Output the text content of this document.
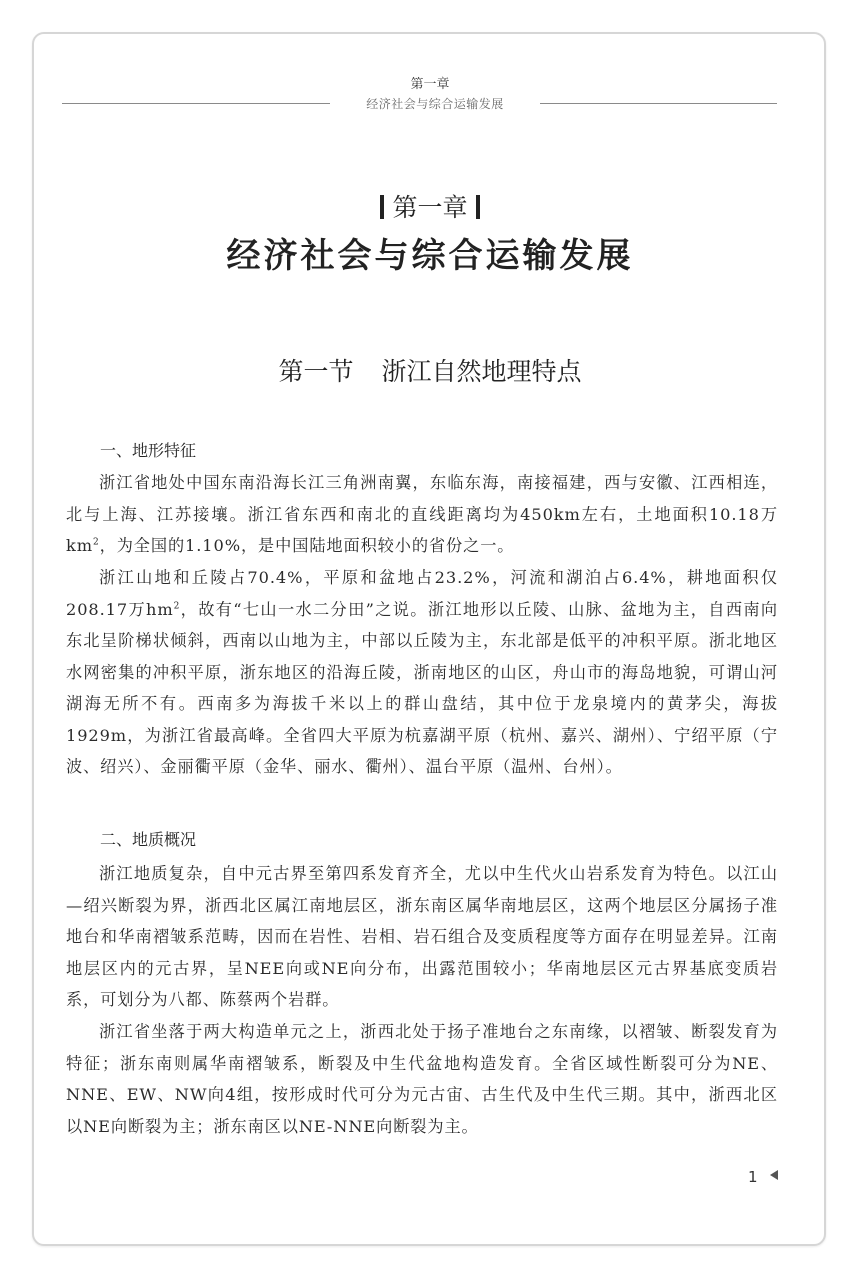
第一章
经济社会与综合运输发展
第一章
经济社会与综合运输发展
第一节 浙江自然地理特点
一、地形特征

浙江省地处中国东南沿海长江三角洲南翼，东临东海，南接福建，西与安徽、江西相连，北与上海、江苏接壤。浙江省东西和南北的直线距离均为450km左右，土地面积10.18万$km^2$，为全国的1.10%，是中国陆地面积较小的省份之一。

浙江山地和丘陵占70.4%，平原和盆地占23.2%，河流和湖泊占6.4%，耕地面积仅208.17万$hm^2$，故有“七山一水二分田”之说。浙江地形以丘陵、山脉、盆地为主，自西南向东北呈阶梯状倾斜，西南以山地为主，中部以丘陵为主，东北部是低平的冲积平原。浙北地区水网密集的冲积平原，浙东地区的沿海丘陵，浙南地区的山区，舟山市的海岛地貌，可谓山河湖海无所不有。西南多为海拔千米以上的群山盘结，其中位于龙泉境内的黄茅尖，海拔1929m，为浙江省最高峰。全省四大平原为杭嘉湖平原（杭州、嘉兴、湖州）、宁绍平原（宁波、绍兴）、金丽衢平原（金华、丽水、衢州）、温台平原（温州、台州）。

二、地质概况

浙江地质复杂，自中元古界至第四系发育齐全，尤以中生代火山岩系发育为特色。以江山—绍兴断裂为界，浙西北区属江南地层区，浙东南区属华南地层区，这两个地层区分属扬子准地台和华南褶皱系范畴，因而在岩性、岩相、岩石组合及变质程度等方面存在明显差异。江南地层区内的元古界，呈NEE向或NE向分布，出露范围较小；华南地层区元古界基底变质岩系，可划分为八都、陈蔡两个岩群。

浙江省坐落于两大构造单元之上，浙西北处于扬子准地台之东南缘，以褶皱、断裂发育为特征；浙东南则属华南褶皱系，断裂及中生代盆地构造发育。全省区域性断裂可分为NE、NNE、EW、NW向4组，按形成时代可分为元古宙、古生代及中生代三期。其中，浙西北区以NE向断裂为主；浙东南区以NE-NNE向断裂为主。

1
